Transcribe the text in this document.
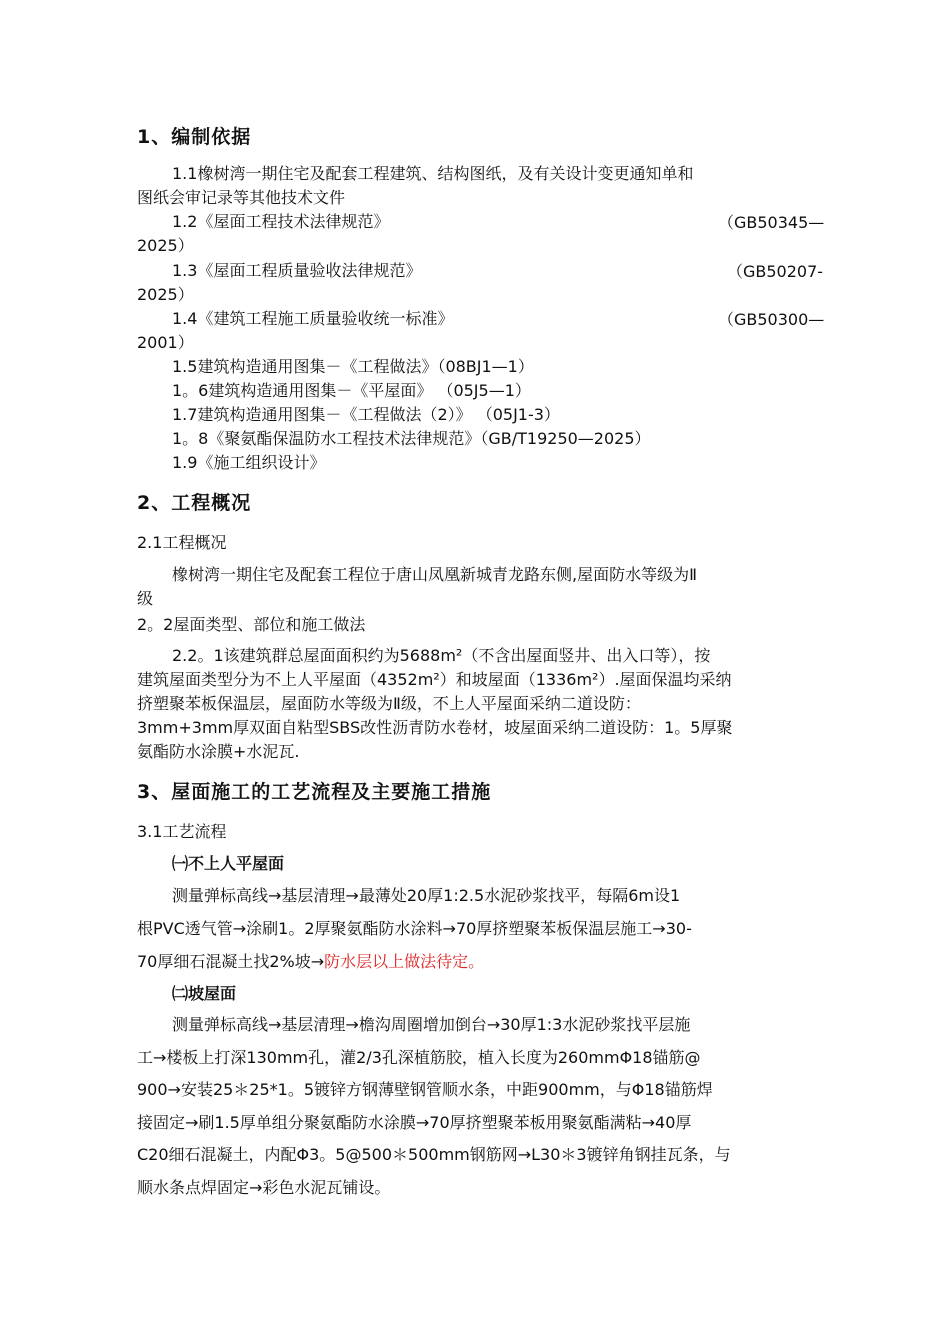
1、编制依据
1.1橡树湾一期住宅及配套工程建筑、结构图纸，及有关设计变更通知单和
图纸会审记录等其他技术文件
1.2《屋面工程技术法律规范》	（GB50345—
2025）
1.3《屋面工程质量验收法律规范》	（GB50207-
2025）
1.4《建筑工程施工质量验收统一标准》	（GB50300—
2001）
1.5建筑构造通用图集－《工程做法》（08BJ1—1）
1。6建筑构造通用图集－《平屋面》 （05J5—1）
1.7建筑构造通用图集－《工程做法（2）》 （05J1-3）
1。8《聚氨酯保温防水工程技术法律规范》（GB/T19250—2025）
1.9《施工组织设计》
2、工程概况
2.1工程概况
橡树湾一期住宅及配套工程位于唐山凤凰新城青龙路东侧,屋面防水等级为Ⅱ
级
2。2屋面类型、部位和施工做法
2.2。1该建筑群总屋面面积约为5688m²（不含出屋面竖井、出入口等），按
建筑屋面类型分为不上人平屋面（4352m²）和坡屋面（1336m²）.屋面保温均采纳
挤塑聚苯板保温层，屋面防水等级为Ⅱ级，不上人平屋面采纳二道设防：
3mm+3mm厚双面自粘型SBS改性沥青防水卷材，坡屋面采纳二道设防：1。5厚聚
氨酯防水涂膜+水泥瓦.
3、屋面施工的工艺流程及主要施工措施
3.1工艺流程
㈠不上人平屋面
测量弹标高线→基层清理→最薄处20厚1:2.5水泥砂浆找平，每隔6m设1
根PVC透气管→涂刷1。2厚聚氨酯防水涂料→70厚挤塑聚苯板保温层施工→30-
70厚细石混凝土找2%坡→防水层以上做法待定。
㈡坡屋面
测量弹标高线→基层清理→檐沟周圈增加倒台→30厚1:3水泥砂浆找平层施
工→楼板上打深130mm孔，灌2/3孔深植筋胶，植入长度为260mmΦ18锚筋@
900→安装25＊25*1。5镀锌方钢薄壁钢管顺水条，中距900mm，与Φ18锚筋焊
接固定→刷1.5厚单组分聚氨酯防水涂膜→70厚挤塑聚苯板用聚氨酯满粘→40厚
C20细石混凝土，内配Φ3。5@500＊500mm钢筋网→L30＊3镀锌角钢挂瓦条，与
顺水条点焊固定→彩色水泥瓦铺设。
